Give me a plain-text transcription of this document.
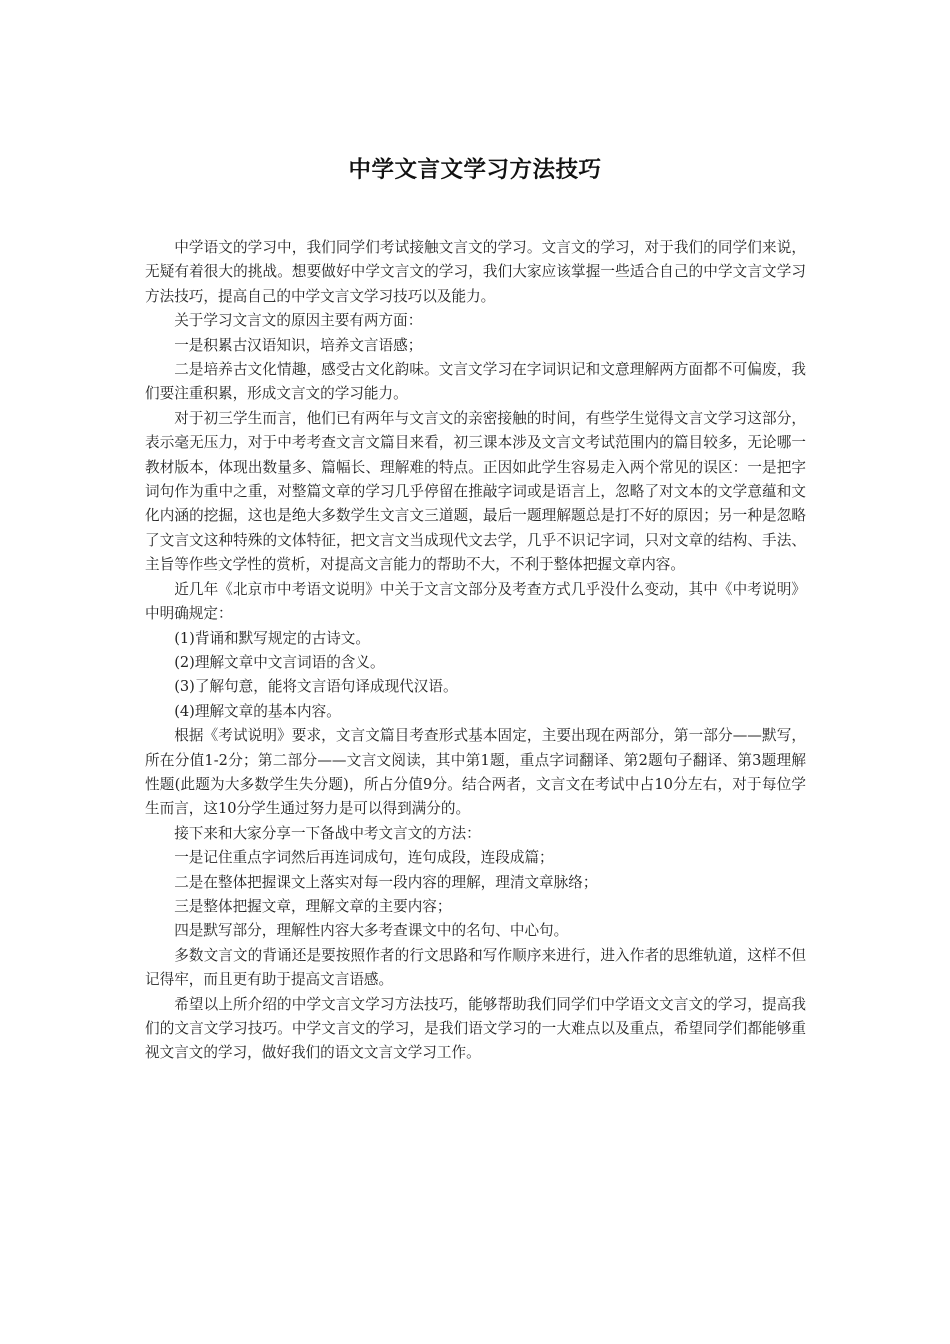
中学文言文学习方法技巧

中学语文的学习中，我们同学们考试接触文言文的学习。文言文的学习，对于我们的同学们来说，无疑有着很大的挑战。想要做好中学文言文的学习，我们大家应该掌握一些适合自己的中学文言文学习方法技巧，提高自己的中学文言文学习技巧以及能力。

关于学习文言文的原因主要有两方面：

一是积累古汉语知识，培养文言语感；

二是培养古文化情趣，感受古文化韵味。文言文学习在字词识记和文意理解两方面都不可偏废，我们要注重积累，形成文言文的学习能力。

对于初三学生而言，他们已有两年与文言文的亲密接触的时间，有些学生觉得文言文学习这部分，表示毫无压力，对于中考考查文言文篇目来看，初三课本涉及文言文考试范围内的篇目较多，无论哪一教材版本，体现出数量多、篇幅长、理解难的特点。正因如此学生容易走入两个常见的误区：一是把字词句作为重中之重，对整篇文章的学习几乎停留在推敲字词或是语言上，忽略了对文本的文学意蕴和文化内涵的挖掘，这也是绝大多数学生文言文三道题，最后一题理解题总是打不好的原因；另一种是忽略了文言文这种特殊的文体特征，把文言文当成现代文去学，几乎不识记字词，只对文章的结构、手法、主旨等作些文学性的赏析，对提高文言能力的帮助不大，不利于整体把握文章内容。

近几年《北京市中考语文说明》中关于文言文部分及考查方式几乎没什么变动，其中《中考说明》中明确规定：

(1)背诵和默写规定的古诗文。

(2)理解文章中文言词语的含义。

(3)了解句意，能将文言语句译成现代汉语。

(4)理解文章的基本内容。

根据《考试说明》要求，文言文篇目考查形式基本固定，主要出现在两部分，第一部分——默写，所在分值1-2分；第二部分——文言文阅读，其中第1题，重点字词翻译、第2题句子翻译、第3题理解性题(此题为大多数学生失分题)，所占分值9分。结合两者，文言文在考试中占10分左右，对于每位学生而言，这10分学生通过努力是可以得到满分的。

接下来和大家分享一下备战中考文言文的方法：

一是记住重点字词然后再连词成句，连句成段，连段成篇；

二是在整体把握课文上落实对每一段内容的理解，理清文章脉络；

三是整体把握文章，理解文章的主要内容；

四是默写部分，理解性内容大多考查课文中的名句、中心句。

多数文言文的背诵还是要按照作者的行文思路和写作顺序来进行，进入作者的思维轨道，这样不但记得牢，而且更有助于提高文言语感。

希望以上所介绍的中学文言文学习方法技巧，能够帮助我们同学们中学语文文言文的学习，提高我们的文言文学习技巧。中学文言文的学习，是我们语文学习的一大难点以及重点，希望同学们都能够重视文言文的学习，做好我们的语文文言文学习工作。
